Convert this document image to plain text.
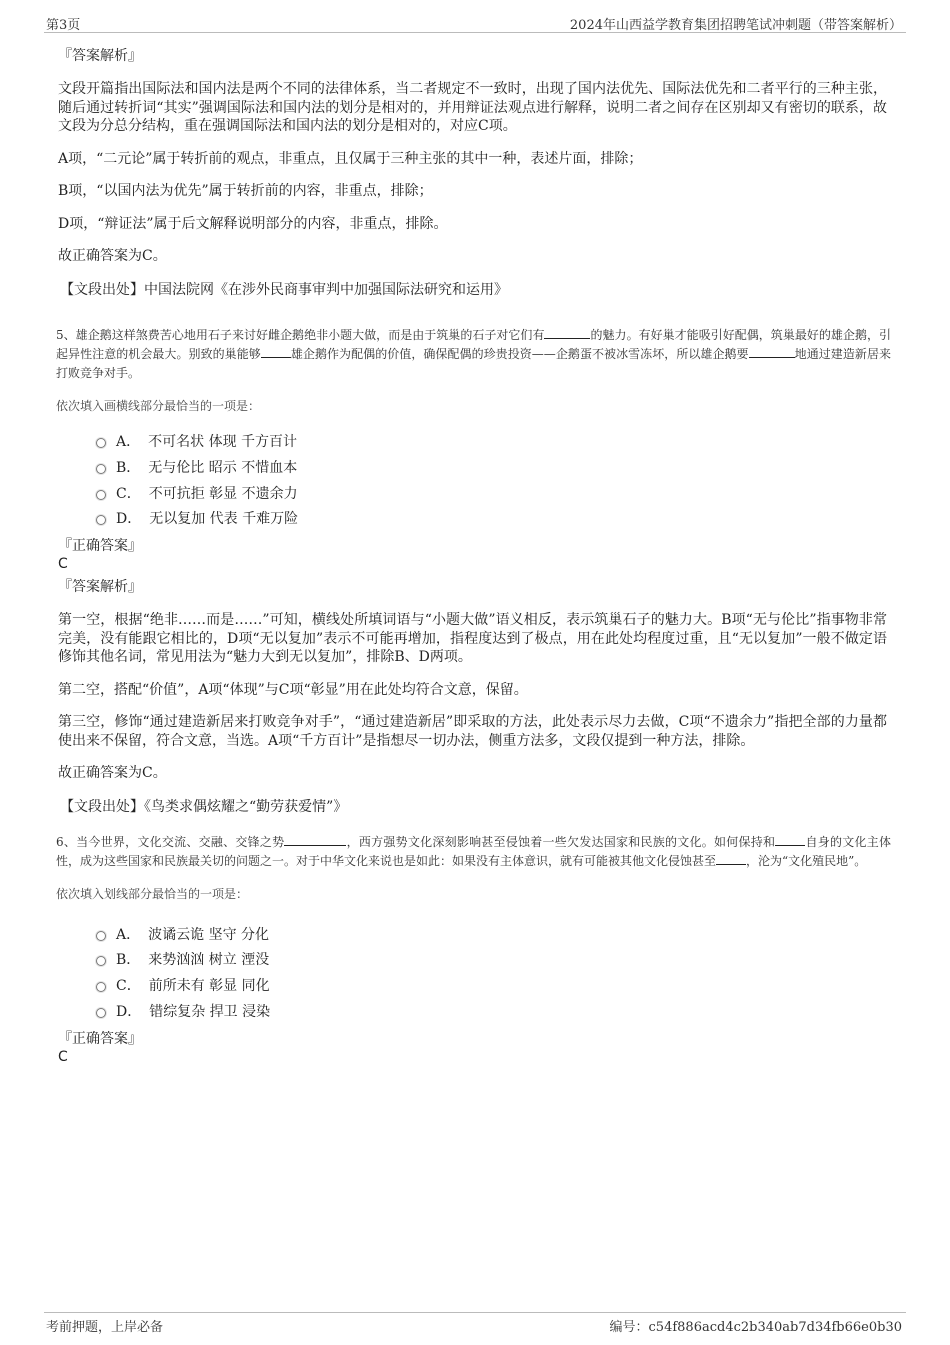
第3页	2024年山西益学教育集团招聘笔试冲刺题（带答案解析）
『答案解析』

文段开篇指出国际法和国内法是两个不同的法律体系，当二者规定不一致时，出现了国内法优先、国际法优先和二者平行的三种主张，随后通过转折词“其实”强调国际法和国内法的划分是相对的，并用辩证法观点进行解释，说明二者之间存在区别却又有密切的联系，故文段为分总分结构，重在强调国际法和国内法的划分是相对的，对应C项。

A项，“二元论”属于转折前的观点，非重点，且仅属于三种主张的其中一种，表述片面，排除；

B项，“以国内法为优先”属于转折前的内容，非重点，排除；

D项，“辩证法”属于后文解释说明部分的内容，非重点，排除。

故正确答案为C。

【文段出处】中国法院网《在涉外民商事审判中加强国际法研究和运用》

5、雄企鹅这样煞费苦心地用石子来讨好雌企鹅绝非小题大做，而是由于筑巢的石子对它们有	的魅力。有好巢才能吸引好配偶，筑巢最好的雄企鹅，引起异性注意的机会最大。别致的巢能够	雄企鹅作为配偶的价值，确保配偶的珍贵投资——企鹅蛋不被冰雪冻坏，所以雄企鹅要	地通过建造新居来打败竞争对手。

依次填入画横线部分最恰当的一项是：

A． 不可名状 体现 千方百计
B． 无与伦比 昭示 不惜血本
C． 不可抗拒 彰显 不遗余力
D． 无以复加 代表 千难万险
『正确答案』
C
『答案解析』

第一空，根据“绝非……而是……”可知，横线处所填词语与“小题大做”语义相反，表示筑巢石子的魅力大。B项“无与伦比”指事物非常完美，没有能跟它相比的，D项“无以复加”表示不可能再增加，指程度达到了极点，用在此处均程度过重，且“无以复加”一般不做定语修饰其他名词，常见用法为“魅力大到无以复加”，排除B、D两项。

第二空，搭配“价值”，A项“体现”与C项“彰显”用在此处均符合文意，保留。

第三空，修饰“通过建造新居来打败竞争对手”，“通过建造新居”即采取的方法，此处表示尽力去做，C项“不遗余力”指把全部的力量都使出来不保留，符合文意，当选。A项“千方百计”是指想尽一切办法，侧重方法多，文段仅提到一种方法，排除。

故正确答案为C。

【文段出处】《鸟类求偶炫耀之“勤劳获爱情”》

6、当今世界，文化交流、交融、交锋之势	，西方强势文化深刻影响甚至侵蚀着一些欠发达国家和民族的文化。如何保持和	自身的文化主体性，成为这些国家和民族最关切的问题之一。对于中华文化来说也是如此：如果没有主体意识，就有可能被其他文化侵蚀甚至	，沦为“文化殖民地”。

依次填入划线部分最恰当的一项是：

A． 波谲云诡 坚守 分化
B． 来势汹汹 树立 湮没
C． 前所未有 彰显 同化
D． 错综复杂 捍卫 浸染
『正确答案』
C
考前押题，上岸必备	编号：c54f886acd4c2b340ab7d34fb66e0b30
